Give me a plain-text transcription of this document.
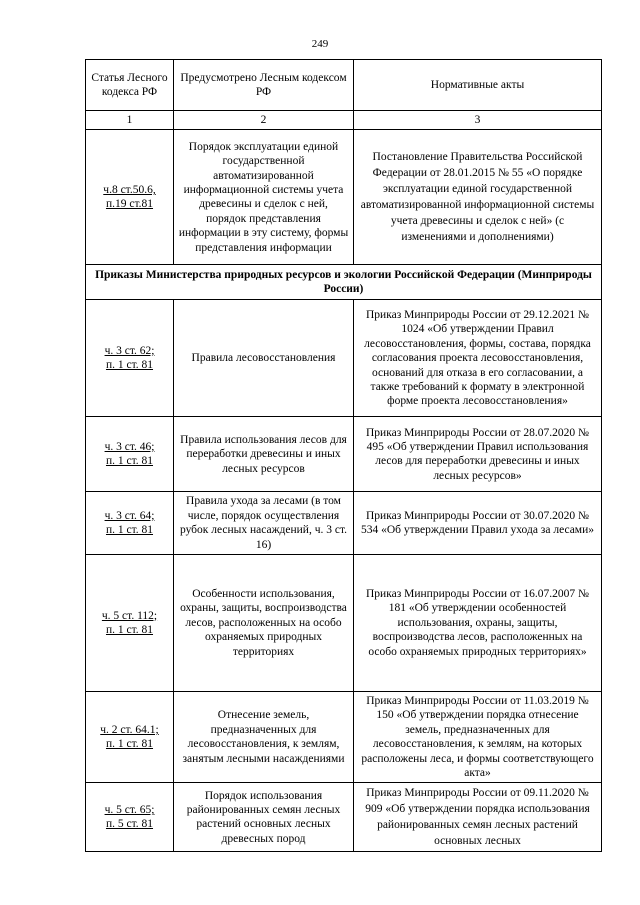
249
Статья Лесного кодекса РФ	Предусмотрено Лесным кодексом РФ	Нормативные акты
1	2	3
ч.8 ст.50.6,
п.19 ст.81	Порядок эксплуатации единой государственной автоматизированной информационной системы учета древесины и сделок с ней, порядок представления информации в эту систему, формы представления информации	Постановление Правительства Российской Федерации от 28.01.2015 № 55 «О порядке эксплуатации единой государственной автоматизированной информационной системы учета древесины и сделок с ней» (с изменениями и дополнениями)
Приказы Министерства природных ресурсов и экологии Российской Федерации (Минприроды России)		
ч. 3 ст. 62;
п. 1 ст. 81	Правила лесовосстановления	Приказ Минприроды России от 29.12.2021 № 1024 «Об утверждении Правил лесовосстановления, формы, состава, порядка согласования проекта лесовосстановления, оснований для отказа в его согласовании, а также требований к формату в электронной форме проекта лесовосстановления»
ч. 3 ст. 46;
п. 1 ст. 81	Правила использования лесов для переработки древесины и иных лесных ресурсов	Приказ Минприроды России от 28.07.2020 № 495 «Об утверждении Правил использования лесов для переработки древесины и иных лесных ресурсов»
ч. 3 ст. 64;
п. 1 ст. 81	Правила ухода за лесами (в том числе, порядок осуществления рубок лесных насаждений, ч. 3 ст. 16)	Приказ Минприроды России от 30.07.2020 № 534 «Об утверждении Правил ухода за лесами»
ч. 5 ст. 112;
п. 1 ст. 81	Особенности использования, охраны, защиты, воспроизводства лесов, расположенных на особо охраняемых природных территориях	Приказ Минприроды России от 16.07.2007 № 181 «Об утверждении особенностей использования, охраны, защиты, воспроизводства лесов, расположенных на особо охраняемых природных территориях»
ч. 2 ст. 64.1;
п. 1 ст. 81	Отнесение земель, предназначенных для лесовосстановления, к землям, занятым лесными насаждениями	Приказ Минприроды России от 11.03.2019 № 150 «Об утверждении порядка отнесение земель, предназначенных для лесовосстановления, к землям, на которых расположены леса, и формы соответствующего акта»
ч. 5 ст. 65;
п. 5 ст. 81	Порядок использования районированных семян лесных растений основных лесных древесных пород	Приказ Минприроды России от 09.11.2020 № 909 «Об утверждении порядка использования районированных семян лесных растений основных лесных
